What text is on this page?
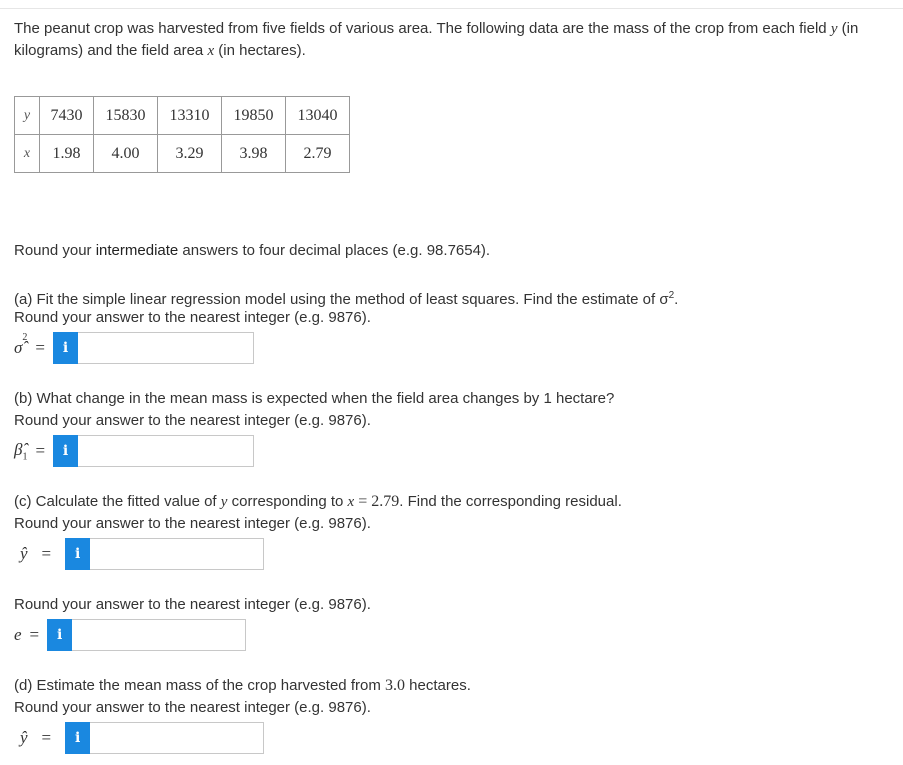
The peanut crop was harvested from five fields of various area. The following data are the mass of the crop from each field y (in
kilograms) and the field area x (in hectares).
y	7430	15830	13310	19850	13040
x	1.98	4.00	3.29	3.98	2.79
Round your intermediate answers to four decimal places (e.g. 98.7654).
(a) Fit the simple linear regression model using the method of least squares. Find the estimate of $\sigma^2$.
Round your answer to the nearest integer (e.g. 9876).
σ̂$^2$
=	i
(b) What change in the mean mass is expected when the field area changes by 1 hectare?
Round your answer to the nearest integer (e.g. 9876).
$\betâ_1$ =	i
(c) Calculate the fitted value of y corresponding to x = 2.79. Find the corresponding residual.
Round your answer to the nearest integer (e.g. 9876).
ŷ =	i
Round your answer to the nearest integer (e.g. 9876).
e =	i
(d) Estimate the mean mass of the crop harvested from 3.0 hectares.
Round your answer to the nearest integer (e.g. 9876).
ŷ =	i
